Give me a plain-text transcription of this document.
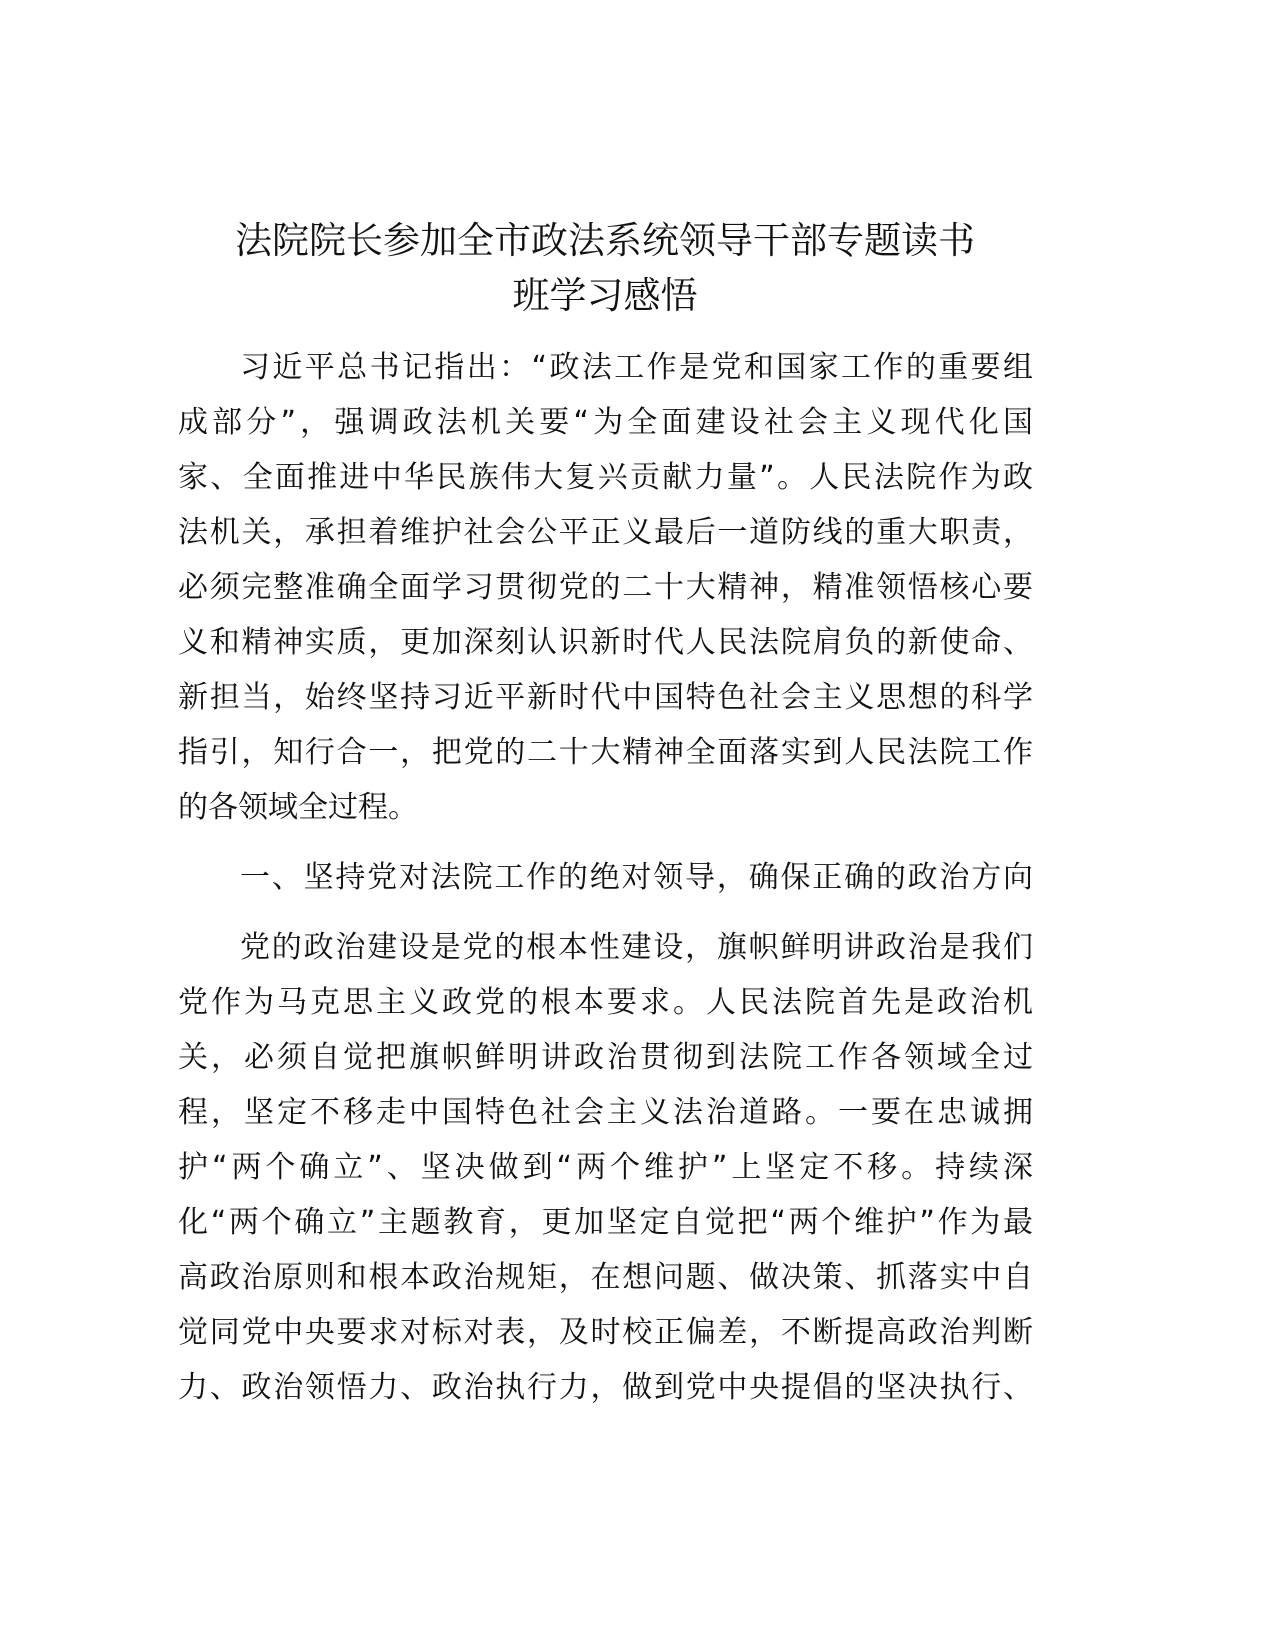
法院院长参加全市政法系统领导干部专题读书
班学习感悟
习近平总书记指出：“政法工作是党和国家工作的重要组
成部分”，强调政法机关要“为全面建设社会主义现代化国
家、全面推进中华民族伟大复兴贡献力量”。人民法院作为政
法机关，承担着维护社会公平正义最后一道防线的重大职责，
必须完整准确全面学习贯彻党的二十大精神，精准领悟核心要
义和精神实质，更加深刻认识新时代人民法院肩负的新使命、
新担当，始终坚持习近平新时代中国特色社会主义思想的科学
指引，知行合一，把党的二十大精神全面落实到人民法院工作
的各领域全过程。
一、坚持党对法院工作的绝对领导，确保正确的政治方向
党的政治建设是党的根本性建设，旗帜鲜明讲政治是我们
党作为马克思主义政党的根本要求。人民法院首先是政治机
关，必须自觉把旗帜鲜明讲政治贯彻到法院工作各领域全过
程，坚定不移走中国特色社会主义法治道路。一要在忠诚拥
护“两个确立”、坚决做到“两个维护”上坚定不移。持续深
化“两个确立”主题教育，更加坚定自觉把“两个维护”作为最
高政治原则和根本政治规矩，在想问题、做决策、抓落实中自
觉同党中央要求对标对表，及时校正偏差，不断提高政治判断
力、政治领悟力、政治执行力，做到党中央提倡的坚决执行、
